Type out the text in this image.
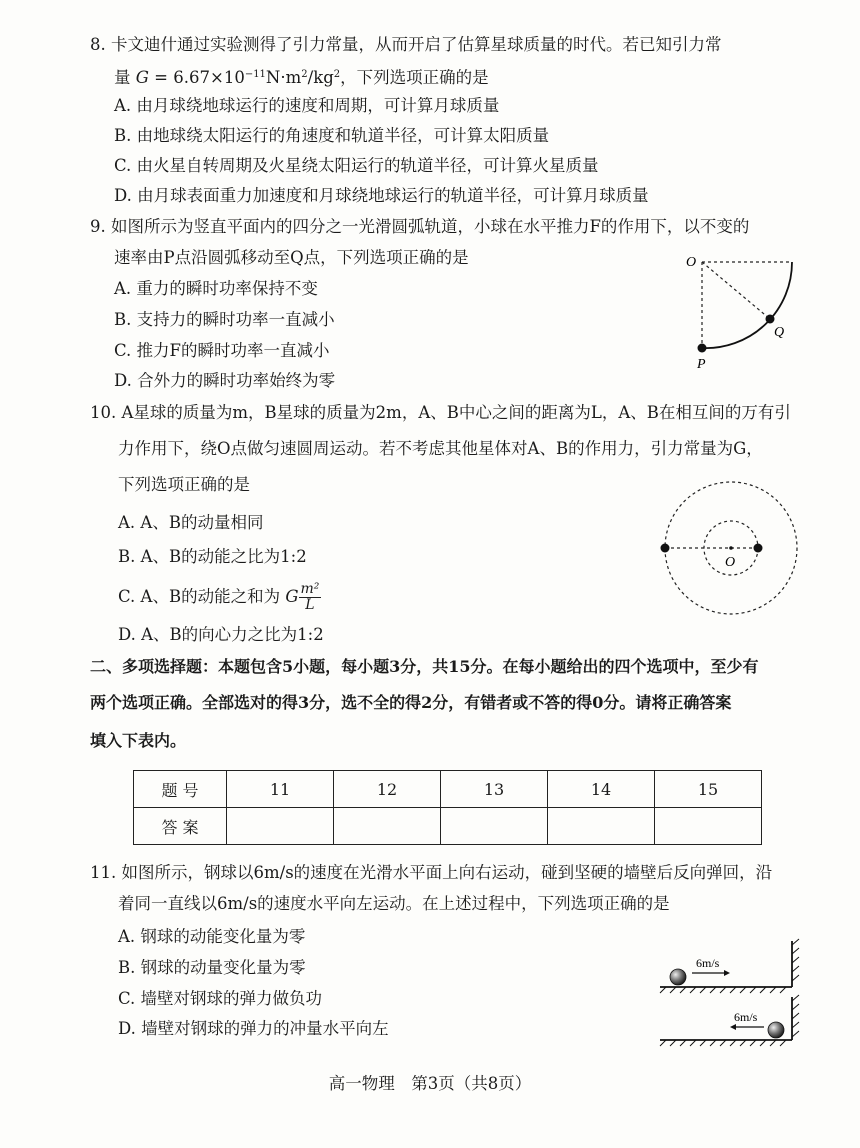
8. 卡文迪什通过实验测得了引力常量，从而开启了估算星球质量的时代。若已知引力常
量 $G = 6.67\times 10^{-11}N\cdot m^2/kg^2$，下列选项正确的是
A. 由月球绕地球运行的速度和周期，可计算月球质量
B. 由地球绕太阳运行的角速度和轨道半径，可计算太阳质量
C. 由火星自转周期及火星绕太阳运行的轨道半径，可计算火星质量
D. 由月球表面重力加速度和月球绕地球运行的轨道半径，可计算月球质量
9. 如图所示为竖直平面内的四分之一光滑圆弧轨道，小球在水平推力F的作用下，以不变的
速率由P点沿圆弧移动至Q点，下列选项正确的是
A. 重力的瞬时功率保持不变
B. 支持力的瞬时功率一直减小
C. 推力F的瞬时功率一直减小
D. 合外力的瞬时功率始终为零
O
Q
P
10. A星球的质量为m，B星球的质量为2m，A、B中心之间的距离为L，A、B在相互间的万有引
力作用下，绕O点做匀速圆周运动。若不考虑其他星体对A、B的作用力，引力常量为G，
下列选项正确的是
A. A、B的动量相同
B. A、B的动能之比为1:2
C. A、B的动能之和为 G $\frac{\text{m²}}{L}$
D. A、B的向心力之比为1:2
O
二、多项选择题：本题包含5小题，每小题3分，共15分。在每小题给出的四个选项中，至少有
两个选项正确。全部选对的得3分，选不全的得2分，有错者或不答的得0分。请将正确答案
填入下表内。
题 号	11	12	13	14	15
答 案					
11. 如图所示，钢球以6m/s的速度在光滑水平面上向右运动，碰到坚硬的墙壁后反向弹回，沿
着同一直线以6m/s的速度水平向左运动。在上述过程中，下列选项正确的是
A. 钢球的动能变化量为零
B. 钢球的动量变化量为零
C. 墙壁对钢球的弹力做负功
D. 墙壁对钢球的弹力的冲量水平向左
6m/s
6m/s
高一物理　第3页（共8页）
